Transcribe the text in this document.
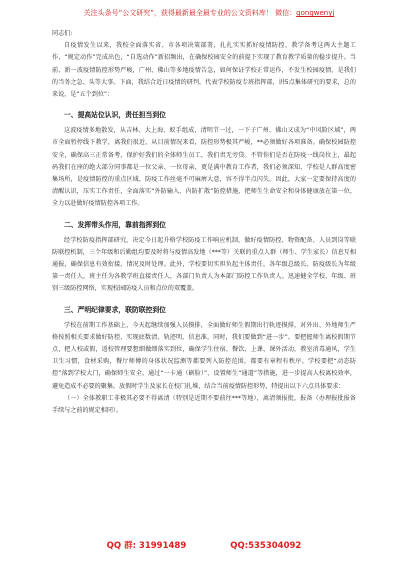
关注头条号“公文研究”，获得最新最全最专业的公文资料库！ 微信：gongwenyj

同志们:

自疫情发生以来，我校全面落实省、市各项决策部署，扎扎实实抓好疫情防控、教学备考这两大主题工作，“规定动作”完成出色，“自选动作”新招频出，在确保校园安全的前提下实现了教育教学质量的稳步提升。当前，新一波疫情防控形势严峻，广州、佛山等多地疫情告急，如何保证学校正常运作，不发生校园疫情，是我们的当务之急、头等大事。下面，我结合近日疫情的研判，代表学校防疫专班指挥部，讲5点集体研究的要求，总的来说，是“五个到位”：

一、提高站位认识，责任担当到位

这波疫情多地散发，从吉林、大上海、蚁手组成，清明节一过，一下子广州、佛山又成为“中风险区域”，两市全面暂停线下教学，离我们很近，从目前情况来看，防控形势极其严峻，**必须做好各项准备。确保校园防控安全，确保高三正常备考，保护好我们的全体师生员工，我们责无旁贷。不管你们是否在防疫一线岗位上，最起码我们在座的绝大部分同事都是一位父亲、一位母亲，更是满中教育工作者，我们必须深知，学校是人群高度密集场所，是疫情防控的重点区域，防疫工作丝毫不可麻痹大意，容不得半点闪失。因此，大家一定要保持高度的清醒认识，压实工作责任，全面落实“外防输入、内防扩散”防控措施，把师生生命安全和身体健康放在第一位，全力以赴做好疫情防控各项工作。

二、发挥带头作用，靠前指挥到位

经学校防疫指挥部研究，决定今日起升格学校防疫工作响应机制，做好疫情防控、物资配备、人员到岗等联防联控机制，三个年级和后勤组均要及时将与疫情高发地（***等）关联的重点人群（师生、学生家长）信息互相通报，确保信息有效衔接、情况及时处理。此外，学校要切实担负起主体责任，各年级总级长、防疫级长为年级第一责任人，班主任为各教学班直接责任人，各部门负责人为本部门防控工作负责人。迅速健全学校、年级、班别三级防控网络，实现校园防疫人员和点位的双覆盖。

三、严明纪律要求，联防联控到位

学校在前期工作基础上，今天起继续加强人员摸排，全面做好师生假期出行轨迹摸排，对外出、外地师生严格按照相关要求做好防控，实现底数清、轨迹明，信息准。同时，我们要做到“进一步”。要把握师生离校假期节点，把人校或假，返校管理要想细做细落实到位，确保学生住宿、餐饮、上课、课外活动，教室消毒通风，学生卫生习惯，食材采购，餐厅师傅的身体状况监测等都要列入防控范围，都要有章程有秩序。学校要把“动态防控”落到学校大门，确保师生安全。通过“一卡通（刷脸）”、设置师生“通道”等措施，进一步提高人校离校效率，避免造成不必要的聚集。放假时学生及家长在校门扎堆，结合当前疫情防控形势，特提出以下六点具体要求：

（一）全体教职工非极其必要不得离清（特别是近期不要前往***等地），离清须报批，报备（办理报批报备手续与之前的规定相同）。

QQ 群: 31991489	QQ:535304092
